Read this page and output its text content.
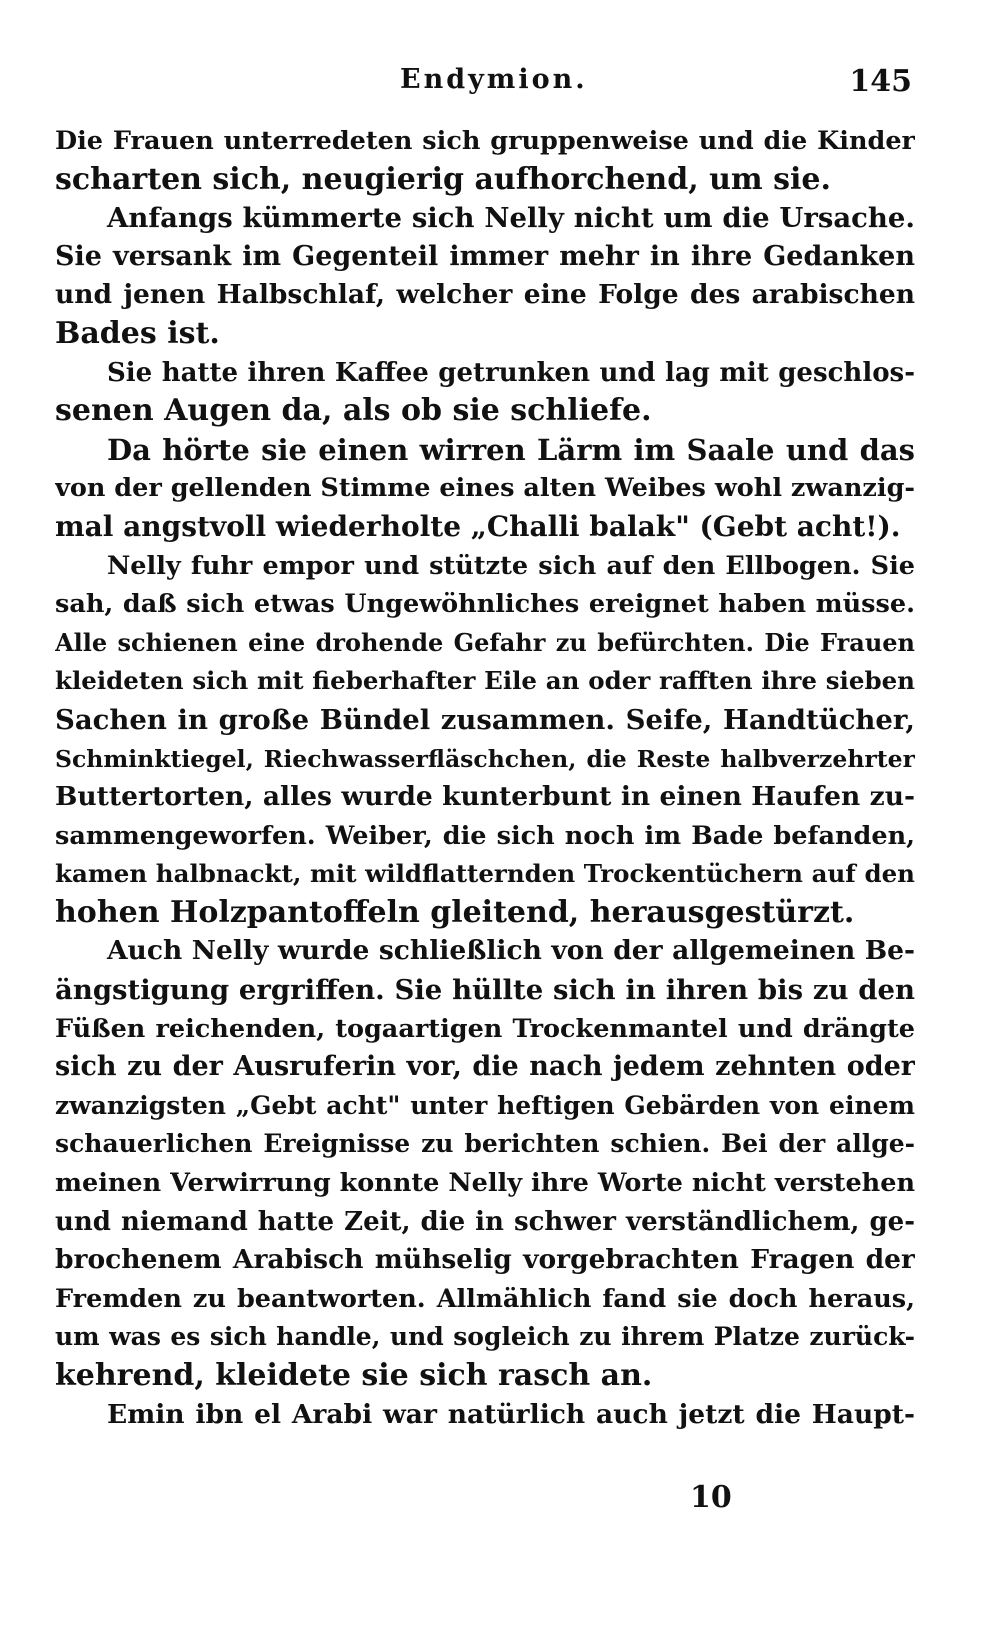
Endymion.	145
Die Frauen unterredeten sich gruppenweise und die Kinder
scharten sich, neugierig aufhorchend, um sie.
Anfangs kümmerte sich Nelly nicht um die Ursache.
Sie versank im Gegenteil immer mehr in ihre Gedanken
und jenen Halbschlaf, welcher eine Folge des arabischen
Bades ist.
Sie hatte ihren Kaffee getrunken und lag mit geschlos-
senen Augen da, als ob sie schliefe.
Da hörte sie einen wirren Lärm im Saale und das
von der gellenden Stimme eines alten Weibes wohl zwanzig-
mal angstvoll wiederholte „Challi balak" (Gebt acht!).
Nelly fuhr empor und stützte sich auf den Ellbogen. Sie
sah, daß sich etwas Ungewöhnliches ereignet haben müsse.
Alle schienen eine drohende Gefahr zu befürchten. Die Frauen
kleideten sich mit fieberhafter Eile an oder rafften ihre sieben
Sachen in große Bündel zusammen. Seife, Handtücher,
Schminktiegel, Riechwasserfläschchen, die Reste halbverzehrter
Buttertorten, alles wurde kunterbunt in einen Haufen zu-
sammengeworfen. Weiber, die sich noch im Bade befanden,
kamen halbnackt, mit wildflatternden Trockentüchern auf den
hohen Holzpantoffeln gleitend, herausgestürzt.
Auch Nelly wurde schließlich von der allgemeinen Be-
ängstigung ergriffen. Sie hüllte sich in ihren bis zu den
Füßen reichenden, togaartigen Trockenmantel und drängte
sich zu der Ausruferin vor, die nach jedem zehnten oder
zwanzigsten „Gebt acht" unter heftigen Gebärden von einem
schauerlichen Ereignisse zu berichten schien. Bei der allge-
meinen Verwirrung konnte Nelly ihre Worte nicht verstehen
und niemand hatte Zeit, die in schwer verständlichem, ge-
brochenem Arabisch mühselig vorgebrachten Fragen der
Fremden zu beantworten. Allmählich fand sie doch heraus,
um was es sich handle, und sogleich zu ihrem Platze zurück-
kehrend, kleidete sie sich rasch an.
Emin ibn el Arabi war natürlich auch jetzt die Haupt-
10
